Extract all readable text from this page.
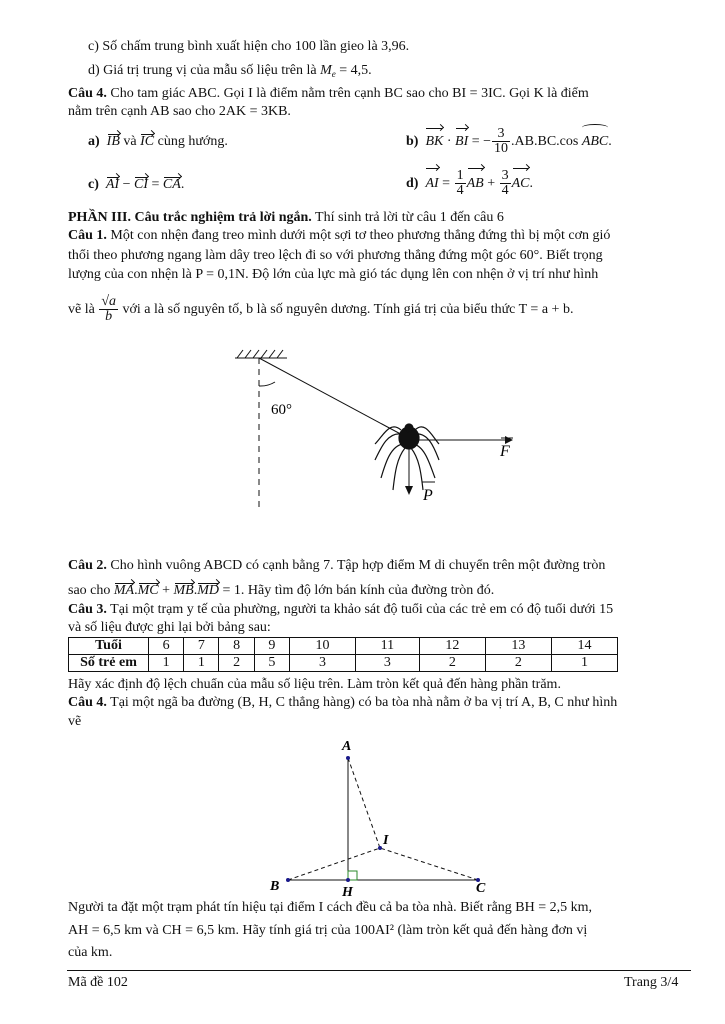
c) Số chấm trung bình xuất hiện cho 100 lần gieo là 3,96.
d) Giá trị trung vị của mẫu số liệu trên là $M_e = 4,5$.
Câu 4. Cho tam giác ABC. Gọi I là điểm nằm trên cạnh BC sao cho BI = 3IC. Gọi K là điểm
nằm trên cạnh AB sao cho 2AK = 3KB.
a) IB và IC cùng hướng.	b) BK · BI = − $\frac{3}{10} .AB.BC.\cos$ ABC.
c) AI − CI = CA.	d) AI = $\frac{1}{4}$ AB + $\frac{3}{4}$ AC.
PHẦN III. Câu trắc nghiệm trả lời ngắn. Thí sinh trả lời từ câu 1 đến câu 6
Câu 1. Một con nhện đang treo mình dưới một sợi tơ theo phương thẳng đứng thì bị một cơn gió
thổi theo phương ngang làm dây treo lệch đi so với phương thẳng đứng một góc 60°. Biết trọng
lượng của con nhện là P = 0,1N. Độ lớn của lực mà gió tác dụng lên con nhện ở vị trí như hình
vẽ là $\frac{√a}{b}$ với a là số nguyên tố, b là số nguyên dương. Tính giá trị của biểu thức T = a + b.
60°
F
P
Câu 2. Cho hình vuông ABCD có cạnh bằng 7. Tập hợp điểm M di chuyển trên một đường tròn
sao cho MA.MC + MB.MD = 1. Hãy tìm độ lớn bán kính của đường tròn đó.
Câu 3. Tại một trạm y tế của phường, người ta khảo sát độ tuổi của các trẻ em có độ tuổi dưới 15
và số liệu được ghi lại bởi bảng sau:
Tuổi	6	7	8	9	10	11	12	13	14
Số trẻ em	1	1	2	5	3	3	2	2	1
Hãy xác định độ lệch chuẩn của mẫu số liệu trên. Làm tròn kết quả đến hàng phần trăm.
Câu 4. Tại một ngã ba đường (B, H, C thẳng hàng) có ba tòa nhà nằm ở ba vị trí A, B, C như hình
vẽ
A
B	C
I
H
Người ta đặt một trạm phát tín hiệu tại điểm I cách đều cả ba tòa nhà. Biết rằng BH = 2,5 km,
AH = 6,5 km và CH = 6,5 km. Hãy tính giá trị của 100AI² (làm tròn kết quả đến hàng đơn vị
của km.
Mã đề 102	Trang 3/4
